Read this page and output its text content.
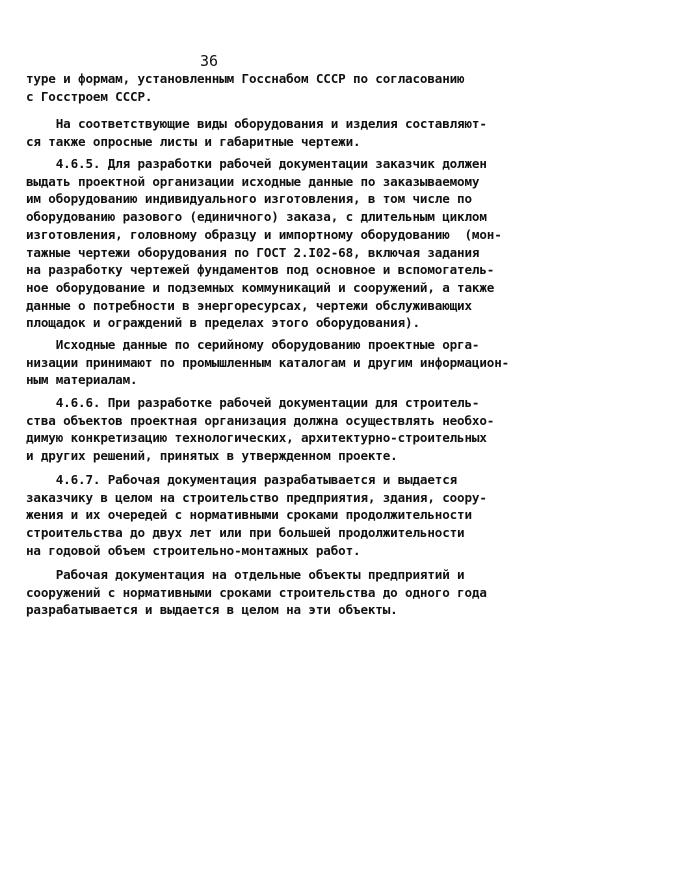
36
туре и формам, установленным Госснабом СССР по согласованию
с Госстроем СССР.
На соответствующие виды оборудования и изделия составляют-
ся также опросные листы и габаритные чертежи.
4.6.5. Для разработки рабочей документации заказчик должен
выдать проектной организации исходные данные по заказываемому
им оборудованию индивидуального изготовления, в том числе по
оборудованию разового (единичного) заказа, с длительным циклом
изготовления, головному образцу и импортному оборудованию  (мон-
тажные чертежи оборудования по ГОСТ 2.I02-68, включая задания
на разработку чертежей фундаментов под основное и вспомогатель-
ное оборудование и подземных коммуникаций и сооружений, а также
данные о потребности в энергоресурсах, чертежи обслуживающих
площадок и ограждений в пределах этого оборудования).
Исходные данные по серийному оборудованию проектные орга-
низации принимают по промышленным каталогам и другим информацион-
ным материалам.
4.6.6. При разработке рабочей документации для строитель-
ства объектов проектная организация должна осуществлять необхо-
димую конкретизацию технологических, архитектурно-строительных
и других решений, принятых в утвержденном проекте.
4.6.7. Рабочая документация разрабатывается и выдается
заказчику в целом на строительство предприятия, здания, соору-
жения и их очередей с нормативными сроками продолжительности
строительства до двух лет или при большей продолжительности
на годовой объем строительно-монтажных работ.
Рабочая документация на отдельные объекты предприятий и
сооружений с нормативными сроками строительства до одного года
разрабатывается и выдается в целом на эти объекты.
